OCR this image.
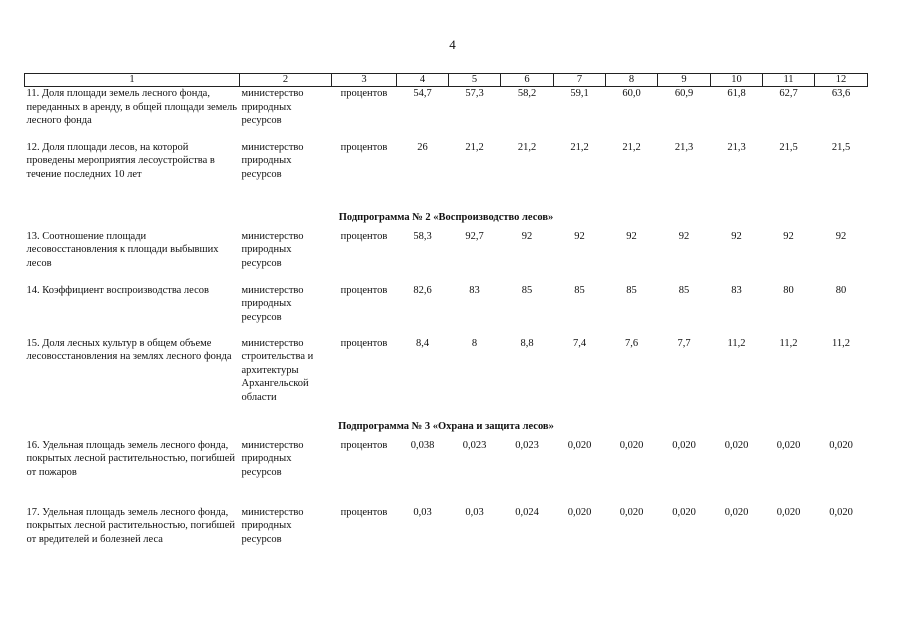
4
1	2	3	4	5	6	7	8	9	10	11	12
11. Доля площади земель лесного фонда, переданных в аренду, в общей площади земель лесного фонда	министерство природных ресурсов	процентов	54,7	57,3	58,2	59,1	60,0	60,9	61,8	62,7	63,6
12. Доля площади лесов, на которой проведены мероприятия лесоустройства в течение последних 10 лет	министерство природных ресурсов	процентов	26	21,2	21,2	21,2	21,2	21,3	21,3	21,5	21,5
Подпрограмма № 2 «Воспроизводство лесов»											
13. Соотношение площади лесовосстановления к площади выбывших лесов	министерство природных ресурсов	процентов	58,3	92,7	92	92	92	92	92	92	92
14. Коэффициент воспроизводства лесов	министерство природных ресурсов	процентов	82,6	83	85	85	85	85	83	80	80
15. Доля лесных культур в общем объеме лесовосстановления на землях лесного фонда	министерство строительства и архитектуры Архангельской области	процентов	8,4	8	8,8	7,4	7,6	7,7	11,2	11,2	11,2
Подпрограмма № 3 «Охрана и защита лесов»											
16. Удельная площадь земель лесного фонда, покрытых лесной растительностью, погибшей от пожаров	министерство природных ресурсов	процентов	0,038	0,023	0,023	0,020	0,020	0,020	0,020	0,020	0,020
17. Удельная площадь земель лесного фонда, покрытых лесной растительностью, погибшей от вредителей и болезней леса	министерство природных ресурсов	процентов	0,03	0,03	0,024	0,020	0,020	0,020	0,020	0,020	0,020
